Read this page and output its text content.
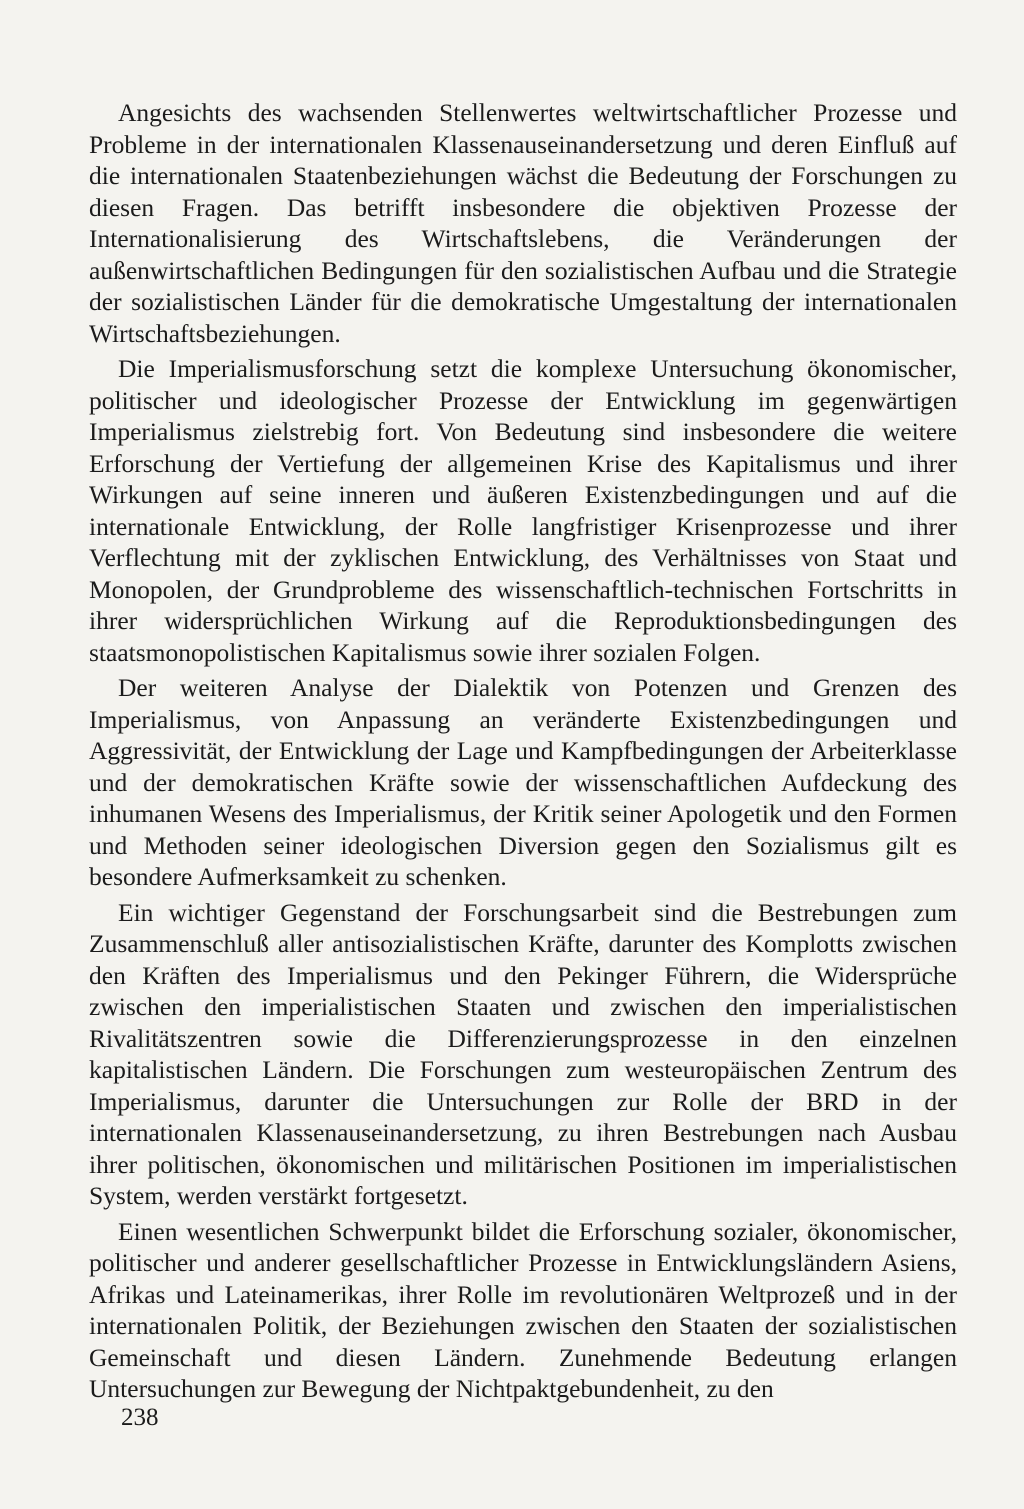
Angesichts des wachsenden Stellenwertes weltwirtschaftlicher Prozesse und Probleme in der internationalen Klassenauseinandersetzung und deren Einfluß auf die internationalen Staatenbeziehungen wächst die Bedeutung der Forschungen zu diesen Fragen. Das betrifft insbesondere die objektiven Prozesse der Internationalisierung des Wirtschaftslebens, die Veränderungen der außenwirtschaftlichen Bedingungen für den sozialistischen Aufbau und die Strategie der sozialistischen Länder für die demokratische Umgestaltung der internationalen Wirtschaftsbeziehungen.

Die Imperialismusforschung setzt die komplexe Untersuchung ökonomischer, politischer und ideologischer Prozesse der Entwicklung im gegenwärtigen Imperialismus zielstrebig fort. Von Bedeutung sind insbesondere die weitere Erforschung der Vertiefung der allgemeinen Krise des Kapitalismus und ihrer Wirkungen auf seine inneren und äußeren Existenzbedingungen und auf die internationale Entwicklung, der Rolle langfristiger Krisenprozesse und ihrer Verflechtung mit der zyklischen Entwicklung, des Verhältnisses von Staat und Monopolen, der Grundprobleme des wissenschaftlich-technischen Fortschritts in ihrer widersprüchlichen Wirkung auf die Reproduktionsbedingungen des staatsmonopolistischen Kapitalismus sowie ihrer sozialen Folgen.

Der weiteren Analyse der Dialektik von Potenzen und Grenzen des Imperialismus, von Anpassung an veränderte Existenzbedingungen und Aggressivität, der Entwicklung der Lage und Kampfbedingungen der Arbeiterklasse und der demokratischen Kräfte sowie der wissenschaftlichen Aufdeckung des inhumanen Wesens des Imperialismus, der Kritik seiner Apologetik und den Formen und Methoden seiner ideologischen Diversion gegen den Sozialismus gilt es besondere Aufmerksamkeit zu schenken.

Ein wichtiger Gegenstand der Forschungsarbeit sind die Bestrebungen zum Zusammenschluß aller antisozialistischen Kräfte, darunter des Komplotts zwischen den Kräften des Imperialismus und den Pekinger Führern, die Widersprüche zwischen den imperialistischen Staaten und zwischen den imperialistischen Rivalitätszentren sowie die Differenzierungsprozesse in den einzelnen kapitalistischen Ländern. Die Forschungen zum westeuropäischen Zentrum des Imperialismus, darunter die Untersuchungen zur Rolle der BRD in der internationalen Klassenauseinandersetzung, zu ihren Bestrebungen nach Ausbau ihrer politischen, ökonomischen und militärischen Positionen im imperialistischen System, werden verstärkt fortgesetzt.

Einen wesentlichen Schwerpunkt bildet die Erforschung sozialer, ökonomischer, politischer und anderer gesellschaftlicher Prozesse in Entwicklungsländern Asiens, Afrikas und Lateinamerikas, ihrer Rolle im revolutionären Weltprozeß und in der internationalen Politik, der Beziehungen zwischen den Staaten der sozialistischen Gemeinschaft und diesen Ländern. Zunehmende Bedeutung erlangen Untersuchungen zur Bewegung der Nichtpaktgebundenheit, zu den

238
